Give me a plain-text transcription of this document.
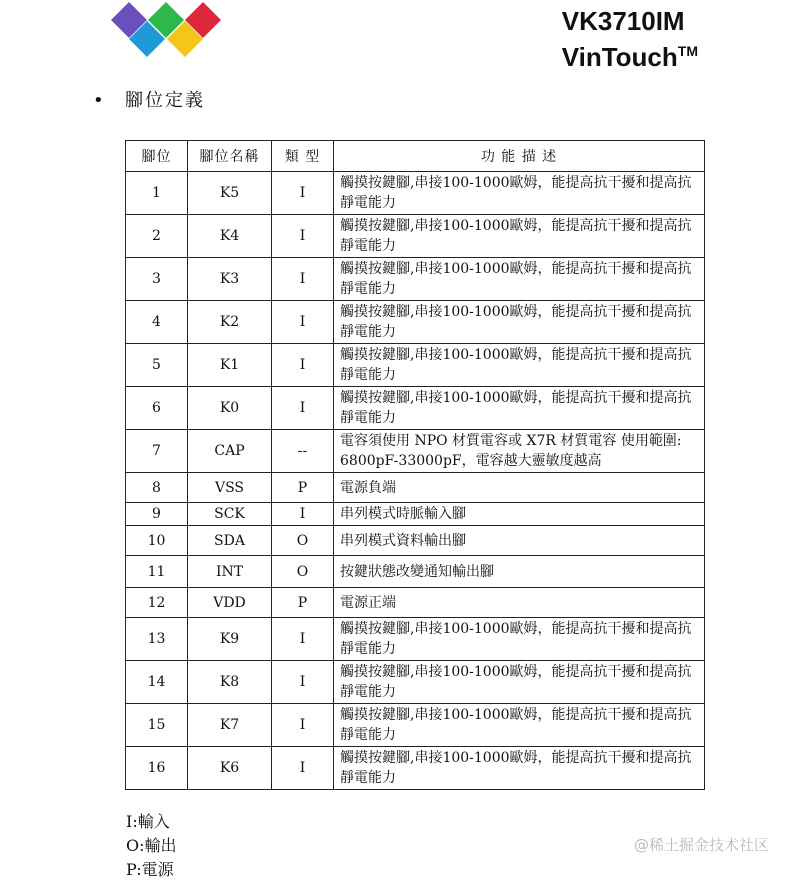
VK3710IM
VinTouch™
• 腳位定義
腳位	腳位名稱	類 型	功 能 描 述
1	K5	I	觸摸按鍵腳,串接100-1000歐姆，能提高抗干擾和提高抗靜電能力
2	K4	I	觸摸按鍵腳,串接100-1000歐姆，能提高抗干擾和提高抗靜電能力
3	K3	I	觸摸按鍵腳,串接100-1000歐姆，能提高抗干擾和提高抗靜電能力
4	K2	I	觸摸按鍵腳,串接100-1000歐姆，能提高抗干擾和提高抗靜電能力
5	K1	I	觸摸按鍵腳,串接100-1000歐姆，能提高抗干擾和提高抗靜電能力
6	K0	I	觸摸按鍵腳,串接100-1000歐姆，能提高抗干擾和提高抗靜電能力
7	CAP	--	電容須使用 NPO 材質電容或 X7R 材質電容 使用範圍: 6800pF-33000pF，電容越大靈敏度越高
8	VSS	P	電源負端
9	SCK	I	串列模式時脈輸入腳
10	SDA	O	串列模式資料輸出腳
11	INT	O	按鍵狀態改變通知輸出腳
12	VDD	P	電源正端
13	K9	I	觸摸按鍵腳,串接100-1000歐姆，能提高抗干擾和提高抗靜電能力
14	K8	I	觸摸按鍵腳,串接100-1000歐姆，能提高抗干擾和提高抗靜電能力
15	K7	I	觸摸按鍵腳,串接100-1000歐姆，能提高抗干擾和提高抗靜電能力
16	K6	I	觸摸按鍵腳,串接100-1000歐姆，能提高抗干擾和提高抗靜電能力
I:輸入
O:輸出
P:電源
@稀土掘金技术社区
